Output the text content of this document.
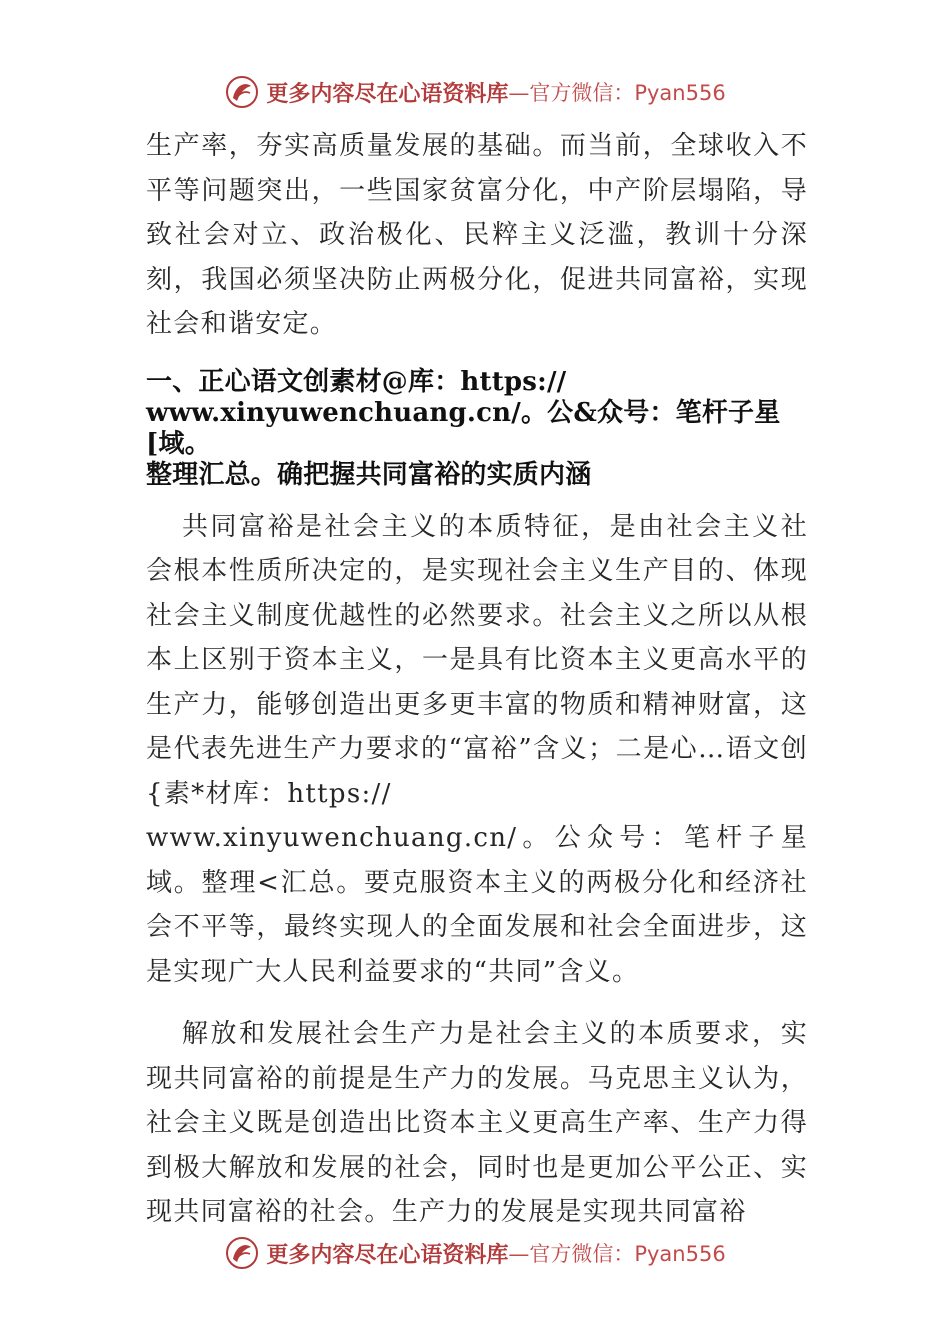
更多内容尽在心语资料库 —官方微信：Pyan556

生产率，夯实高质量发展的基础。而当前，全球收入不平等问题突出，一些国家贫富分化，中产阶层塌陷，导致社会对立、政治极化、民粹主义泛滥，教训十分深刻，我国必须坚决防止两极分化，促进共同富裕，实现社会和谐安定。

一、正心语文创素材@库：https://
www.xinyuwenchuang.cn/。公&众号：笔杆子星[域。
整理汇总。确把握共同富裕的实质内涵

共同富裕是社会主义的本质特征，是由社会主义社会根本性质所决定的，是实现社会主义生产目的、体现社会主义制度优越性的必然要求。社会主义之所以从根本上区别于资本主义，一是具有比资本主义更高水平的生产力，能够创造出更多更丰富的物质和精神财富，这是代表先进生产力要求的“富裕”含义；二是心…语文创{素*材库：https://

www.xinyuwenchuang.cn/。公众号：笔杆子星域。整理<汇总。要克服资本主义的两极分化和经济社会不平等，最终实现人的全面发展和社会全面进步，这是实现广大人民利益要求的“共同”含义。

解放和发展社会生产力是社会主义的本质要求，实现共同富裕的前提是生产力的发展。马克思主义认为，社会主义既是创造出比资本主义更高生产率、生产力得到极大解放和发展的社会，同时也是更加公平公正、实现共同富裕的社会。生产力的发展是实现共同富裕

更多内容尽在心语资料库 —官方微信：Pyan556
